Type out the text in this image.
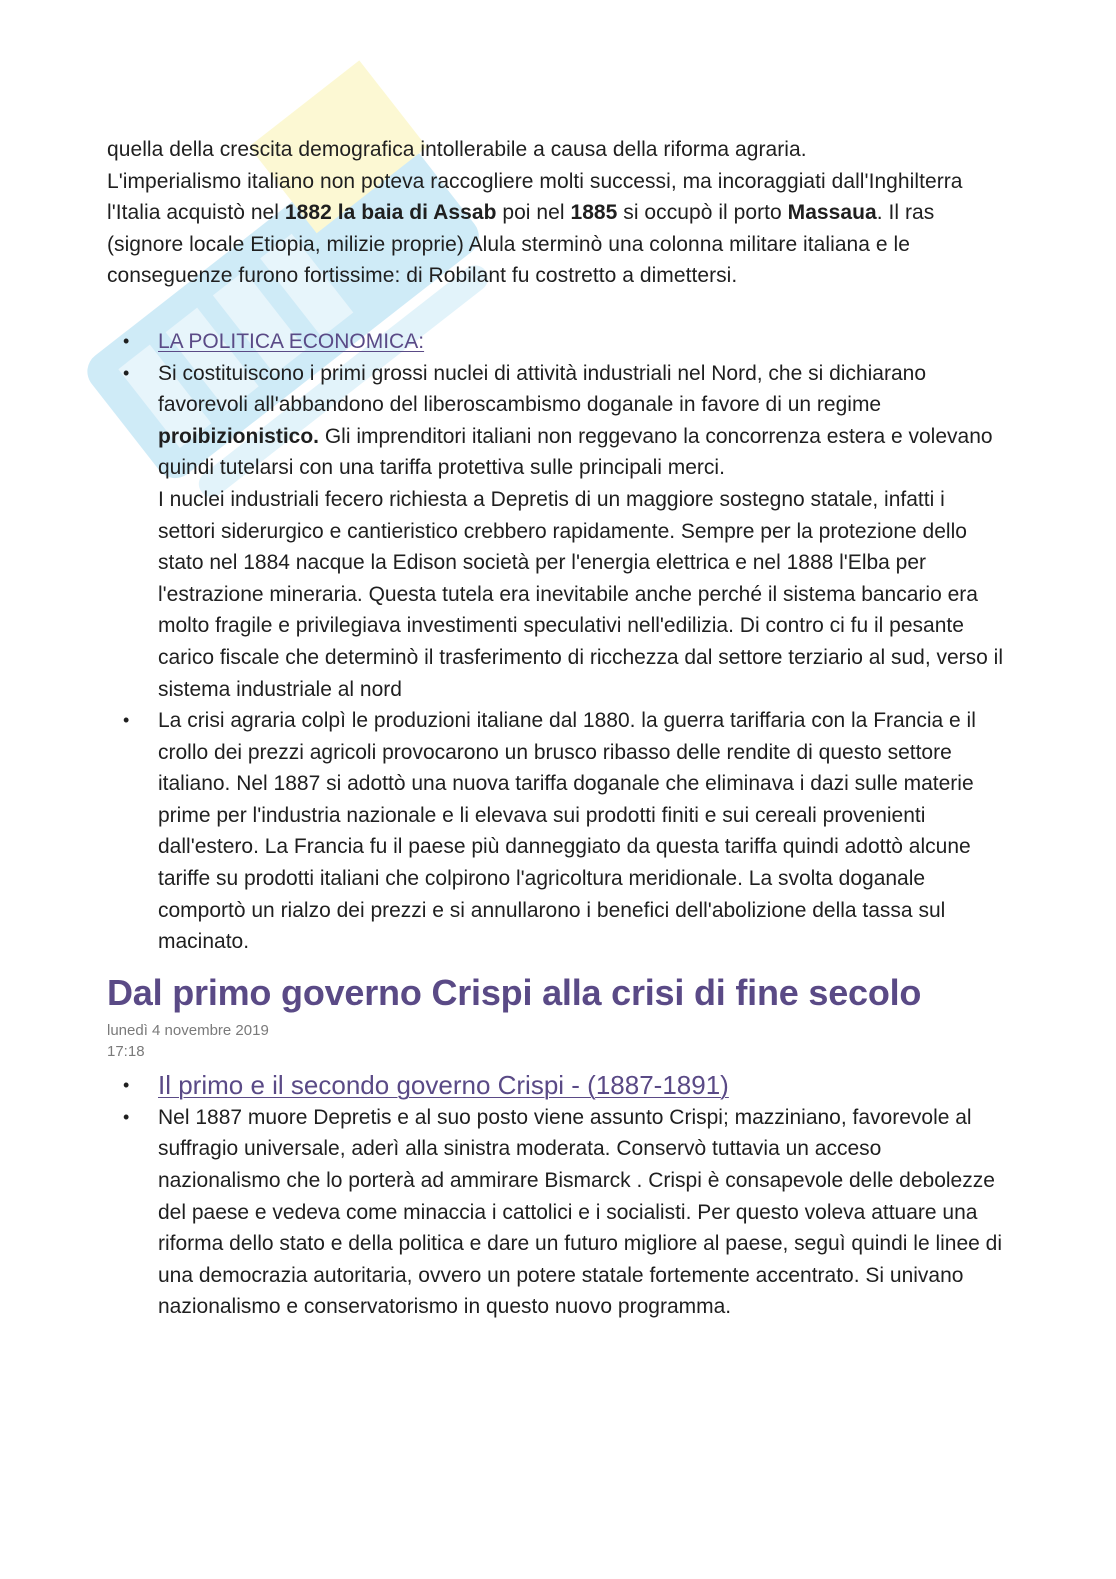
quella della crescita demografica intollerabile a causa della riforma agraria.
L'imperialismo italiano non poteva raccogliere molti successi, ma incoraggiati dall'Inghilterra l'Italia acquistò nel 1882 la baia di Assab poi nel 1885 si occupò il porto Massaua. Il ras (signore locale Etiopia, milizie proprie) Alula sterminò una colonna militare italiana e le conseguenze furono fortissime: di Robilant fu costretto a dimettersi.

• LA POLITICA ECONOMICA:
• Si costituiscono i primi grossi nuclei di attività industriali nel Nord, che si dichiarano favorevoli all'abbandono del liberoscambismo doganale in favore di un regime proibizionistico. Gli imprenditori italiani non reggevano la concorrenza estera e volevano quindi tutelarsi con una tariffa protettiva sulle principali merci.
I nuclei industriali fecero richiesta a Depretis di un maggiore sostegno statale, infatti i settori siderurgico e cantieristico crebbero rapidamente. Sempre per la protezione dello stato nel 1884 nacque la Edison società per l'energia elettrica e nel 1888 l'Elba per l'estrazione mineraria. Questa tutela era inevitabile anche perché il sistema bancario era molto fragile e privilegiava investimenti speculativi nell'edilizia. Di contro ci fu il pesante carico fiscale che determinò il trasferimento di ricchezza dal settore terziario al sud, verso il sistema industriale al nord
• La crisi agraria colpì le produzioni italiane dal 1880. la guerra tariffaria con la Francia e il crollo dei prezzi agricoli provocarono un brusco ribasso delle rendite di questo settore italiano. Nel 1887 si adottò una nuova tariffa doganale che eliminava i dazi sulle materie prime per l'industria nazionale e li elevava sui prodotti finiti e sui cereali provenienti dall'estero. La Francia fu il paese più danneggiato da questa tariffa quindi adottò alcune tariffe su prodotti italiani che colpirono l'agricoltura meridionale. La svolta doganale comportò un rialzo dei prezzi e si annullarono i benefici dell'abolizione della tassa sul macinato.
Dal primo governo Crispi alla crisi di fine secolo
lunedì 4 novembre 2019
17:18
• Il primo e il secondo governo Crispi - (1887-1891)
• Nel 1887 muore Depretis e al suo posto viene assunto Crispi; mazziniano, favorevole al suffragio universale, aderì alla sinistra moderata. Conservò tuttavia un acceso nazionalismo che lo porterà ad ammirare Bismarck . Crispi è consapevole delle debolezze del paese e vedeva come minaccia i cattolici e i socialisti. Per questo voleva attuare una riforma dello stato e della politica e dare un futuro migliore al paese, seguì quindi le linee di una democrazia autoritaria, ovvero un potere statale fortemente accentrato. Si univano nazionalismo e conservatorismo in questo nuovo programma.
